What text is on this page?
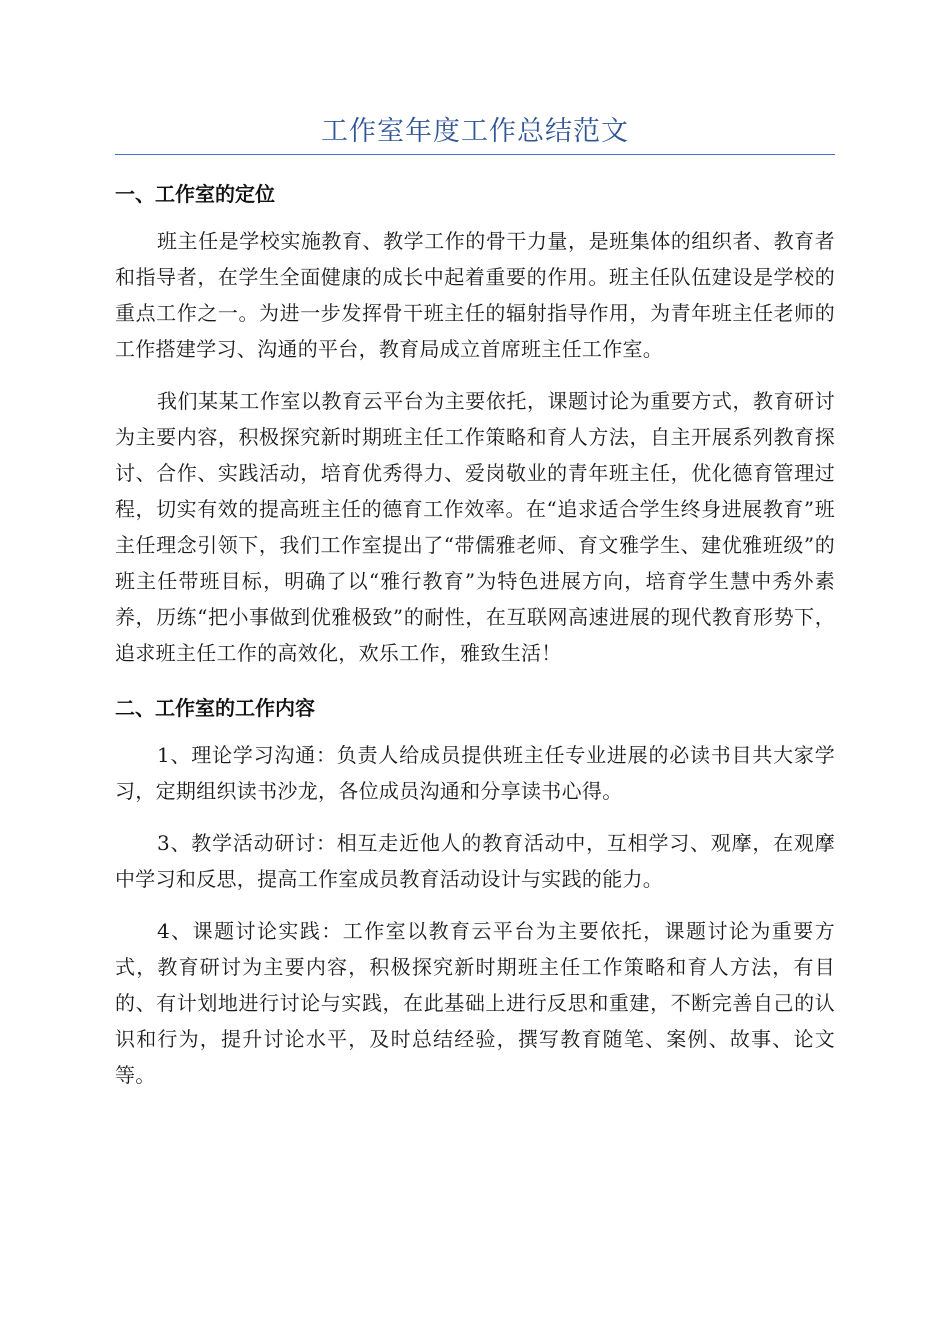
工作室年度工作总结范文
一、工作室的定位

班主任是学校实施教育、教学工作的骨干力量，是班集体的组织者、教育者和指导者，在学生全面健康的成长中起着重要的作用。班主任队伍建设是学校的重点工作之一。为进一步发挥骨干班主任的辐射指导作用，为青年班主任老师的工作搭建学习、沟通的平台，教育局成立首席班主任工作室。

我们某某工作室以教育云平台为主要依托，课题讨论为重要方式，教育研讨为主要内容，积极探究新时期班主任工作策略和育人方法，自主开展系列教育探讨、合作、实践活动，培育优秀得力、爱岗敬业的青年班主任，优化德育管理过程，切实有效的提高班主任的德育工作效率。在“追求适合学生终身进展教育”班主任理念引领下，我们工作室提出了“带儒雅老师、育文雅学生、建优雅班级”的班主任带班目标，明确了以“雅行教育”为特色进展方向，培育学生慧中秀外素养，历练“把小事做到优雅极致”的耐性，在互联网高速进展的现代教育形势下，追求班主任工作的高效化，欢乐工作，雅致生活！

二、工作室的工作内容

1、理论学习沟通：负责人给成员提供班主任专业进展的必读书目共大家学习，定期组织读书沙龙，各位成员沟通和分享读书心得。

3、教学活动研讨：相互走近他人的教育活动中，互相学习、观摩，在观摩中学习和反思，提高工作室成员教育活动设计与实践的能力。

4、课题讨论实践：工作室以教育云平台为主要依托，课题讨论为重要方式，教育研讨为主要内容，积极探究新时期班主任工作策略和育人方法，有目的、有计划地进行讨论与实践，在此基础上进行反思和重建，不断完善自己的认识和行为，提升讨论水平，及时总结经验，撰写教育随笔、案例、故事、论文等。
